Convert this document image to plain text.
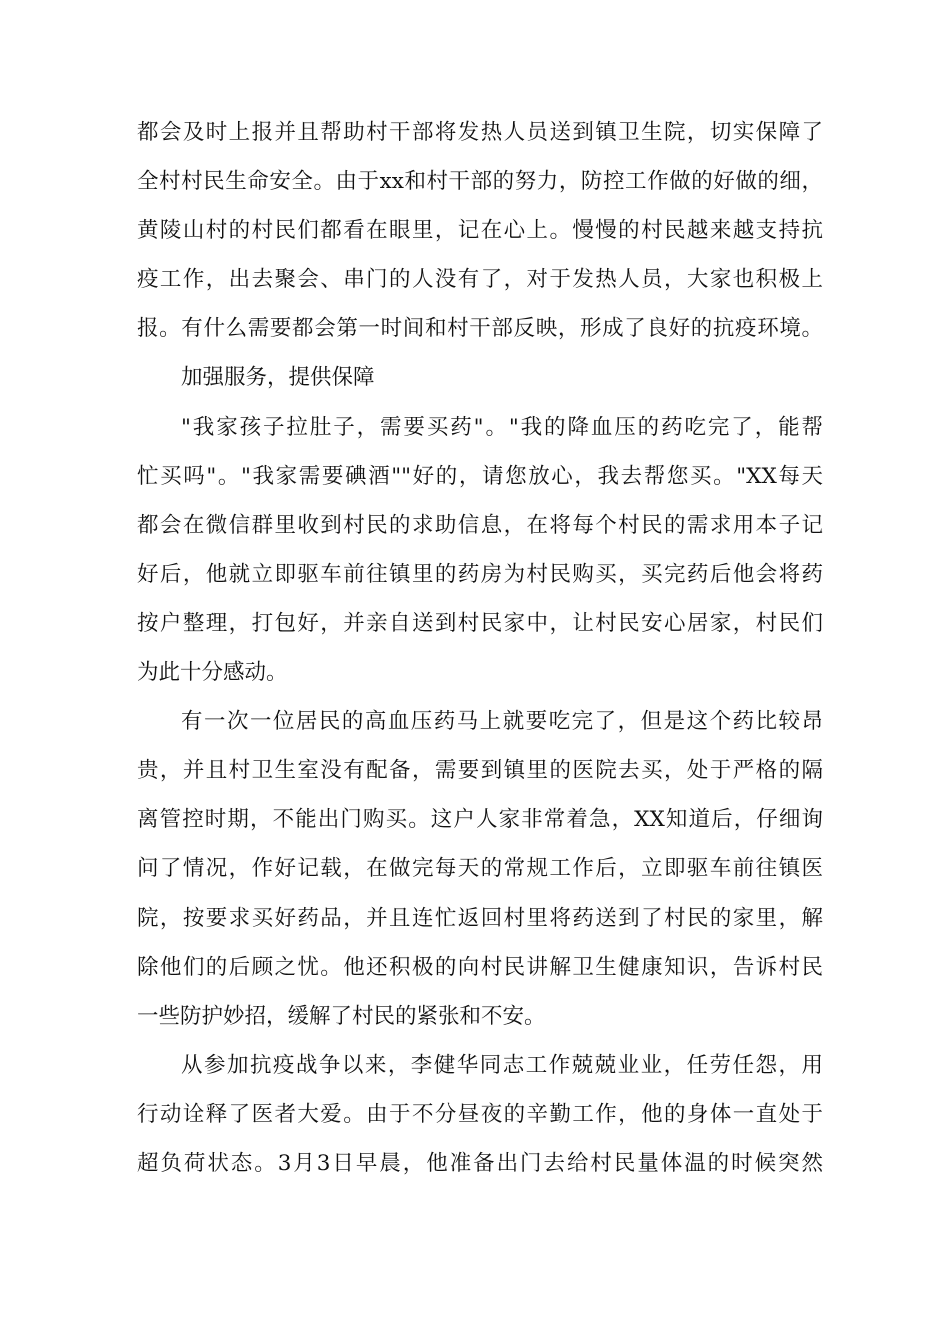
都会及时上报并且帮助村干部将发热人员送到镇卫生院，切实保障了
全村村民生命安全。由于xx和村干部的努力，防控工作做的好做的细，
黄陵山村的村民们都看在眼里，记在心上。慢慢的村民越来越支持抗
疫工作，出去聚会、串门的人没有了，对于发热人员，大家也积极上
报。有什么需要都会第一时间和村干部反映，形成了良好的抗疫环境。
加强服务，提供保障
"我家孩子拉肚子，需要买药"。"我的降血压的药吃完了，能帮
忙买吗"。"我家需要碘酒""好的，请您放心，我去帮您买。"XX每天
都会在微信群里收到村民的求助信息，在将每个村民的需求用本子记
好后，他就立即驱车前往镇里的药房为村民购买，买完药后他会将药
按户整理，打包好，并亲自送到村民家中，让村民安心居家，村民们
为此十分感动。
有一次一位居民的高血压药马上就要吃完了，但是这个药比较昂
贵，并且村卫生室没有配备，需要到镇里的医院去买，处于严格的隔
离管控时期，不能出门购买。这户人家非常着急，XX知道后，仔细询
问了情况，作好记载，在做完每天的常规工作后，立即驱车前往镇医
院，按要求买好药品，并且连忙返回村里将药送到了村民的家里，解
除他们的后顾之忧。他还积极的向村民讲解卫生健康知识，告诉村民
一些防护妙招，缓解了村民的紧张和不安。
从参加抗疫战争以来，李健华同志工作兢兢业业，任劳任怨，用
行动诠释了医者大爱。由于不分昼夜的辛勤工作，他的身体一直处于
超负荷状态。3月3日早晨，他准备出门去给村民量体温的时候突然
